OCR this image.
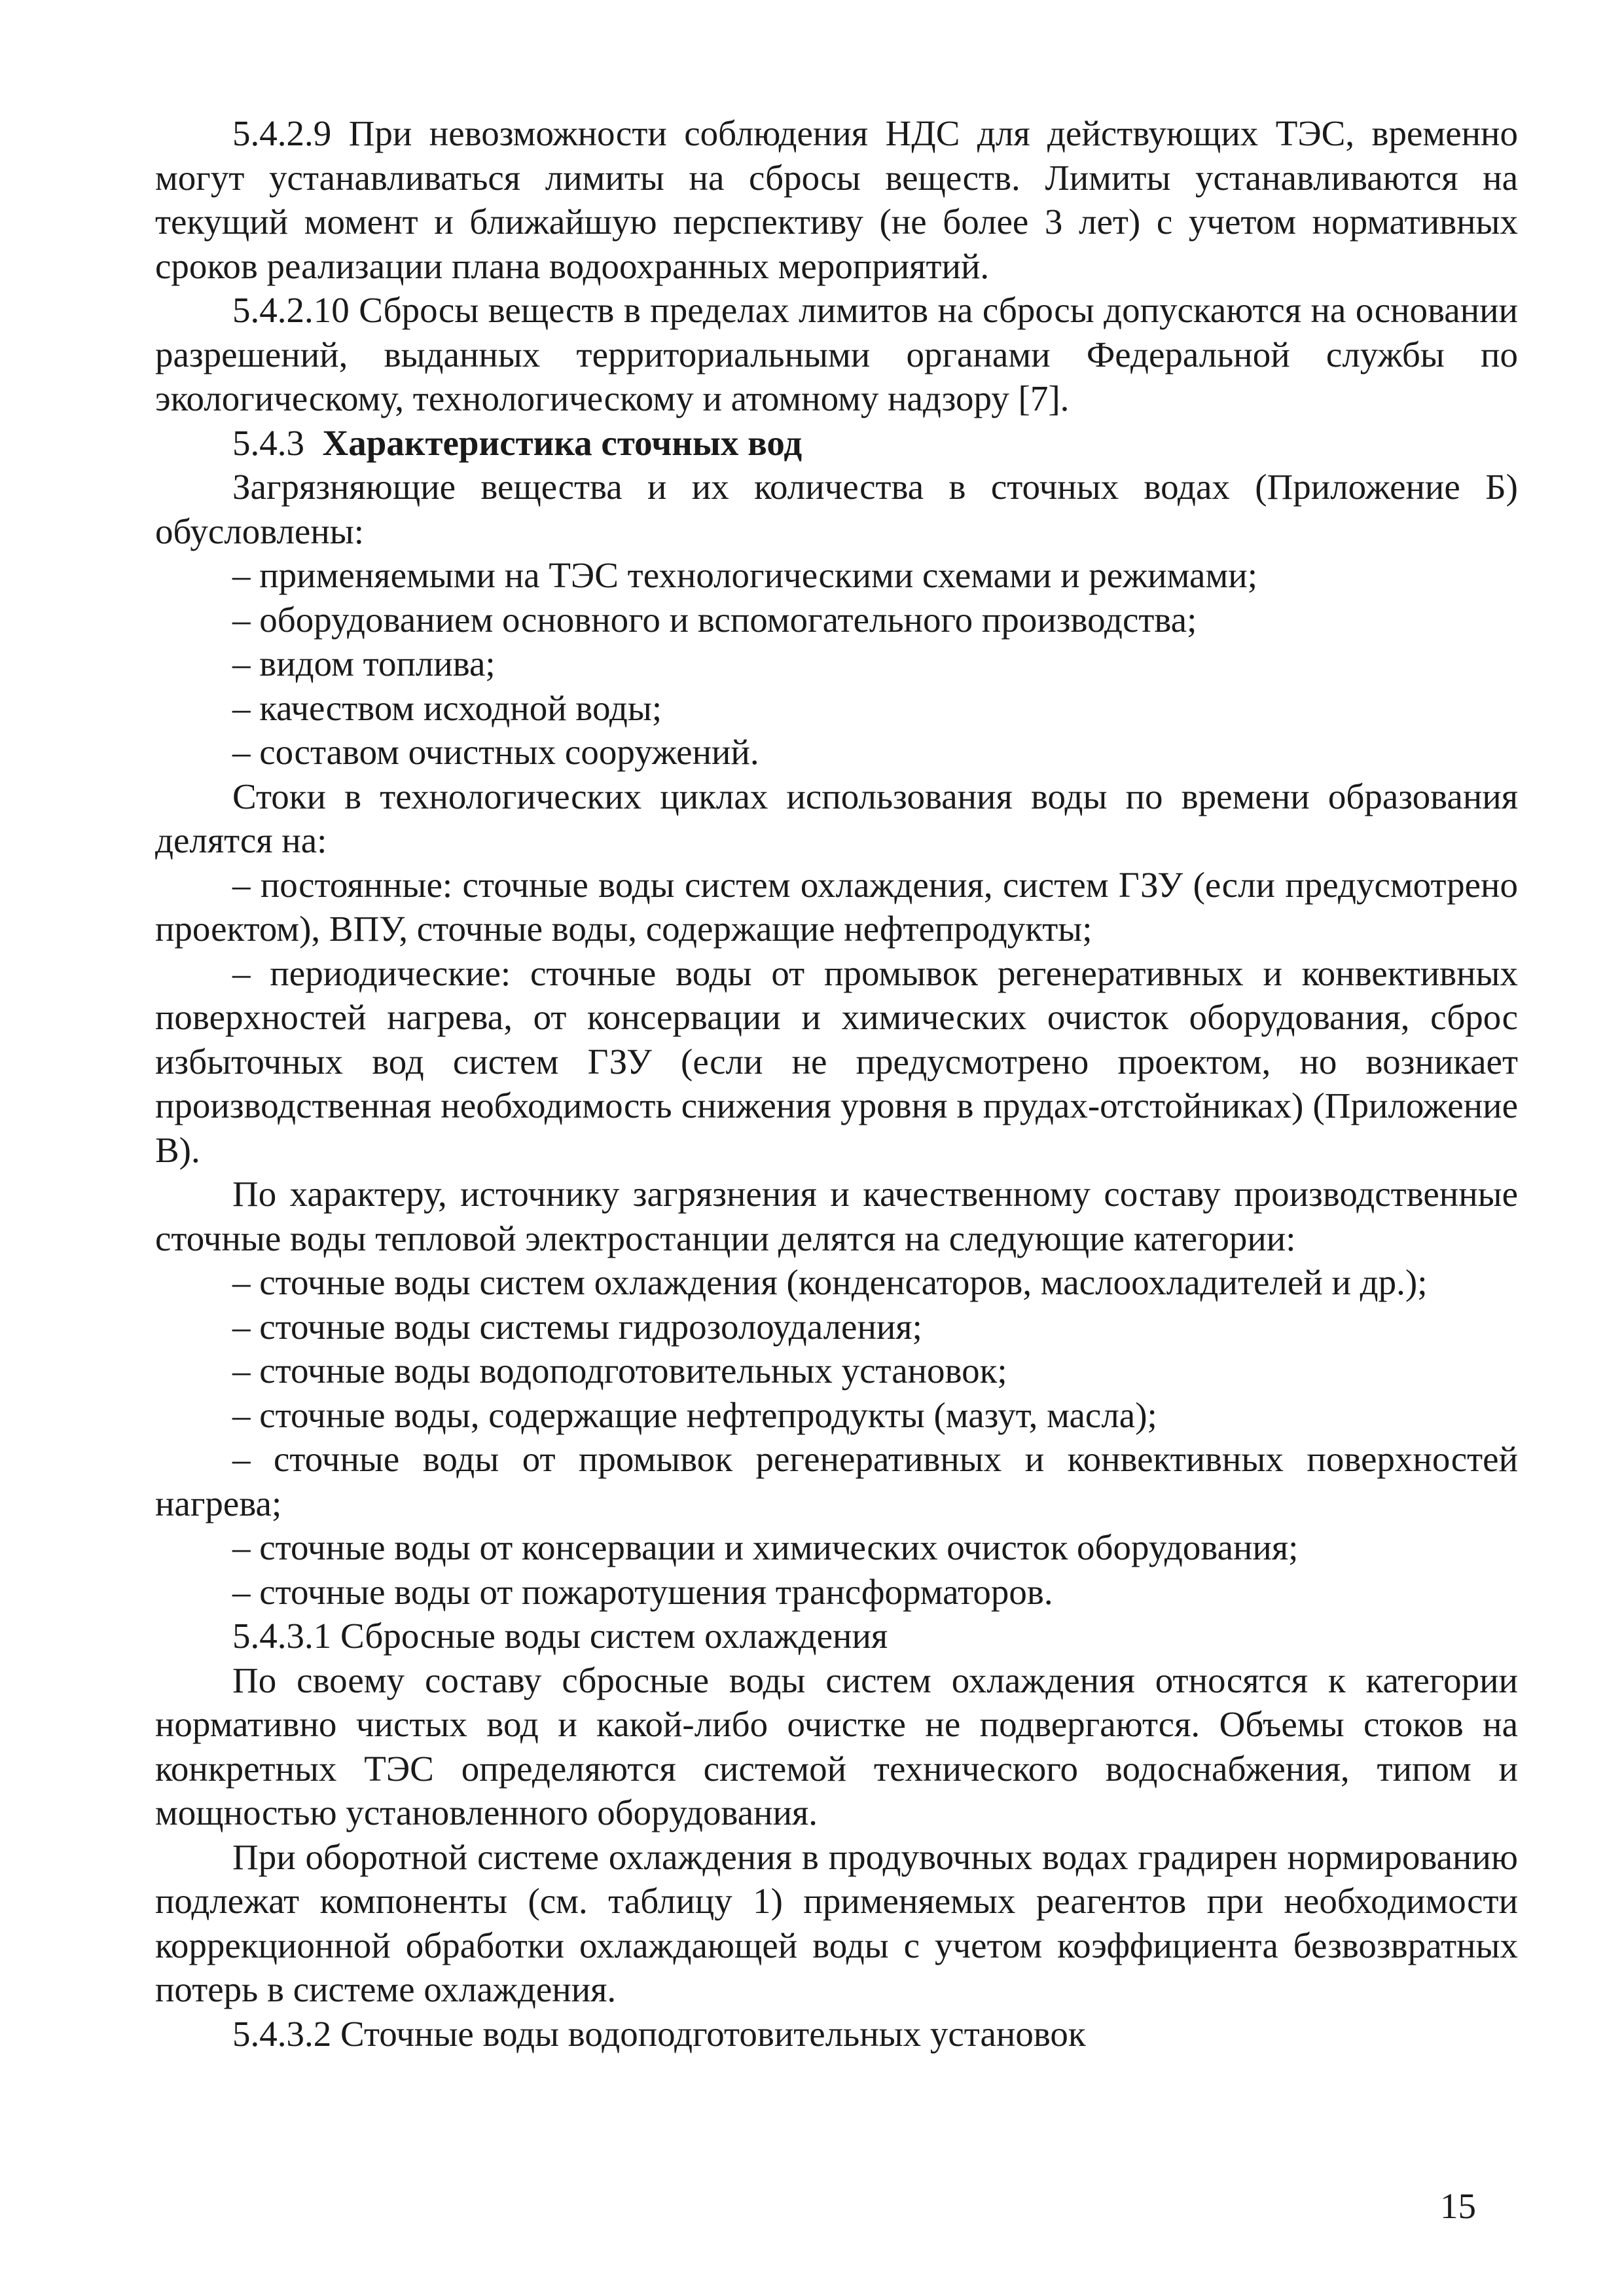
5.4.2.9 При невозможности соблюдения НДС для действующих ТЭС, временно могут устанавливаться лимиты на сбросы веществ. Лимиты устанавливаются на текущий момент и ближайшую перспективу (не более 3 лет) с учетом нормативных сроков реализации плана водоохранных мероприятий.

5.4.2.10 Сбросы веществ в пределах лимитов на сбросы допускаются на основании разрешений, выданных территориальными органами Федеральной службы по экологическому, технологическому и атомному надзору [7].

5.4.3 Характеристика сточных вод

Загрязняющие вещества и их количества в сточных водах (Приложение Б) обусловлены:

– применяемыми на ТЭС технологическими схемами и режимами;

– оборудованием основного и вспомогательного производства;

– видом топлива;

– качеством исходной воды;

– составом очистных сооружений.

Стоки в технологических циклах использования воды по времени образования делятся на:

– постоянные: сточные воды систем охлаждения, систем ГЗУ (если предусмотрено проектом), ВПУ, сточные воды, содержащие нефтепродукты;

– периодические: сточные воды от промывок регенеративных и конвективных поверхностей нагрева, от консервации и химических очисток оборудования, сброс избыточных вод систем ГЗУ (если не предусмотрено проектом, но возникает производственная необходимость снижения уровня в прудах-отстойниках) (Приложение В).

По характеру, источнику загрязнения и качественному составу производственные сточные воды тепловой электростанции делятся на следующие категории:

– сточные воды систем охлаждения (конденсаторов, маслоохладителей и др.);

– сточные воды системы гидрозолоудаления;

– сточные воды водоподготовительных установок;

– сточные воды, содержащие нефтепродукты (мазут, масла);

– сточные воды от промывок регенеративных и конвективных поверхностей нагрева;

– сточные воды от консервации и химических очисток оборудования;

– сточные воды от пожаротушения трансформаторов.

5.4.3.1 Сбросные воды систем охлаждения

По своему составу сбросные воды систем охлаждения относятся к категории нормативно чистых вод и какой-либо очистке не подвергаются. Объемы стоков на конкретных ТЭС определяются системой технического водоснабжения, типом и мощностью установленного оборудования.

При оборотной системе охлаждения в продувочных водах градирен нормированию подлежат компоненты (см. таблицу 1) применяемых реагентов при необходимости коррекционной обработки охлаждающей воды с учетом коэффициента безвозвратных потерь в системе охлаждения.

5.4.3.2 Сточные воды водоподготовительных установок

15
